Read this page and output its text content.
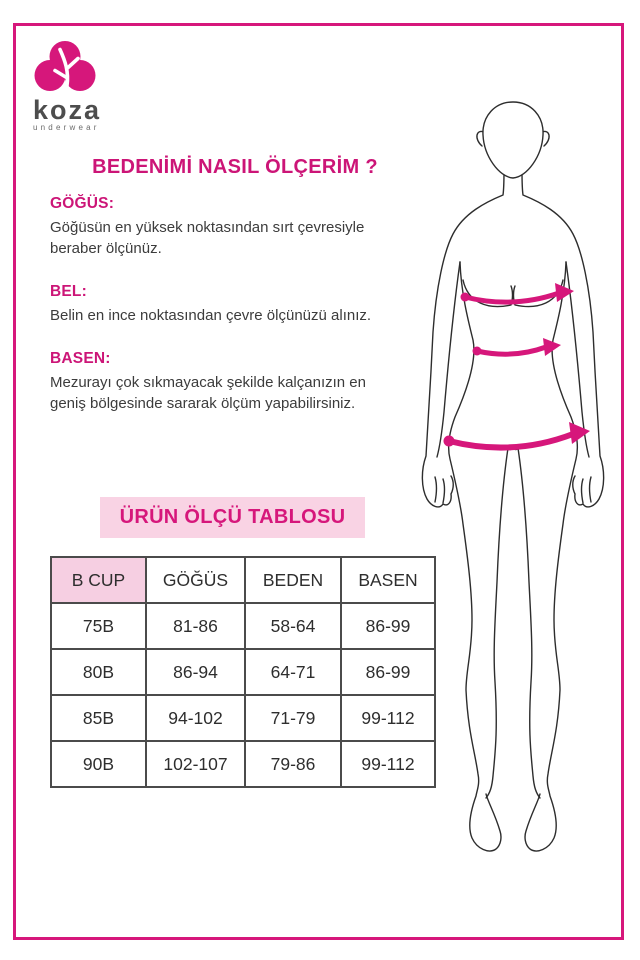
koza
underwear
BEDENİMİ NASIL ÖLÇERİM ?
GÖĞÜS:

Göğüsün en yüksek noktasından sırt çevresiyle beraber ölçünüz.

BEL:

Belin en ince noktasından çevre ölçünüzü alınız.

BASEN:

Mezurayı çok sıkmayacak şekilde kalçanızın en geniş bölgesinde sararak ölçüm yapabilirsiniz.

ÜRÜN ÖLÇÜ TABLOSU
B CUP	GÖĞÜS	BEDEN	BASEN
75B	81-86	58-64	86-99
80B	86-94	64-71	86-99
85B	94-102	71-79	99-112
90B	102-107	79-86	99-112
